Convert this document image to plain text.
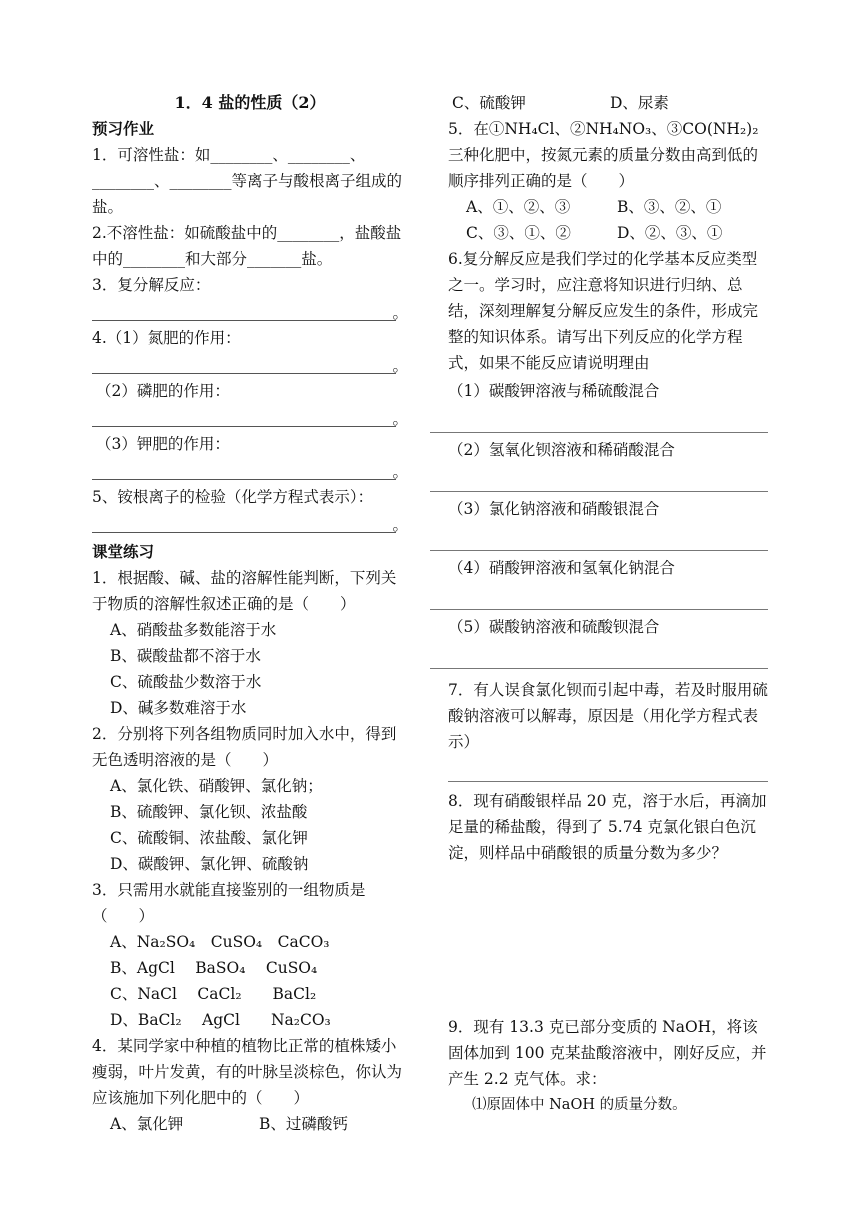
1．4 盐的性质（2）
预习作业
1．可溶性盐：如________、________、________、________等离子与酸根离子组成的盐。
2.不溶性盐：如硫酸盐中的________，盐酸盐中的________和大部分_______盐。
3．复分解反应：
。
4.（1）氮肥的作用：
。
（2）磷肥的作用：
。
（3）钾肥的作用：
。
5、铵根离子的检验（化学方程式表示）：
。
课堂练习
1．根据酸、碱、盐的溶解性能判断，下列关于物质的溶解性叙述正确的是（　　）
A、硝酸盐多数能溶于水
B、碳酸盐都不溶于水
C、硫酸盐少数溶于水
D、碱多数难溶于水
2．分别将下列各组物质同时加入水中，得到无色透明溶液的是（　　）
A、氯化铁、硝酸钾、氯化钠；
B、硫酸钾、氯化钡、浓盐酸
C、硫酸铜、浓盐酸、氯化钾
D、碳酸钾、氯化钾、硫酸钠
3．只需用水就能直接鉴别的一组物质是（　　）
A、Na₂SO₄　CuSO₄　CaCO₃
B、AgCl　 BaSO₄　 CuSO₄
C、NaCl　 CaCl₂　　BaCl₂
D、BaCl₂　 AgCl　　Na₂CO₃
4．某同学家中种植的植物比正常的植株矮小瘦弱，叶片发黄，有的叶脉呈淡棕色，你认为应该施加下列化肥中的（　　）
A、氯化钾	B、过磷酸钙
C、硫酸钾	D、尿素
5．在①NH₄Cl、②NH₄NO₃、③CO(NH₂)₂三种化肥中，按氮元素的质量分数由高到低的顺序排列正确的是（　　）
A、①、②、③	B、③、②、①
C、③、①、②	D、②、③、①
6.复分解反应是我们学过的化学基本反应类型之一。学习时，应注意将知识进行归纳、总结，深刻理解复分解反应发生的条件，形成完整的知识体系。请写出下列反应的化学方程式，如果不能反应请说明理由
（1）碳酸钾溶液与稀硫酸混合
（2）氢氧化钡溶液和稀硝酸混合
（3）氯化钠溶液和硝酸银混合
（4）硝酸钾溶液和氢氧化钠混合
（5）碳酸钠溶液和硫酸钡混合
7．有人误食氯化钡而引起中毒，若及时服用硫酸钠溶液可以解毒，原因是（用化学方程式表示）
8．现有硝酸银样品 20 克，溶于水后，再滴加足量的稀盐酸，得到了 5.74 克氯化银白色沉淀，则样品中硝酸银的质量分数为多少？
9．现有 13.3 克已部分变质的 NaOH，将该固体加到 100 克某盐酸溶液中，刚好反应，并产生 2.2 克气体。求：
⑴原固体中 NaOH 的质量分数。
